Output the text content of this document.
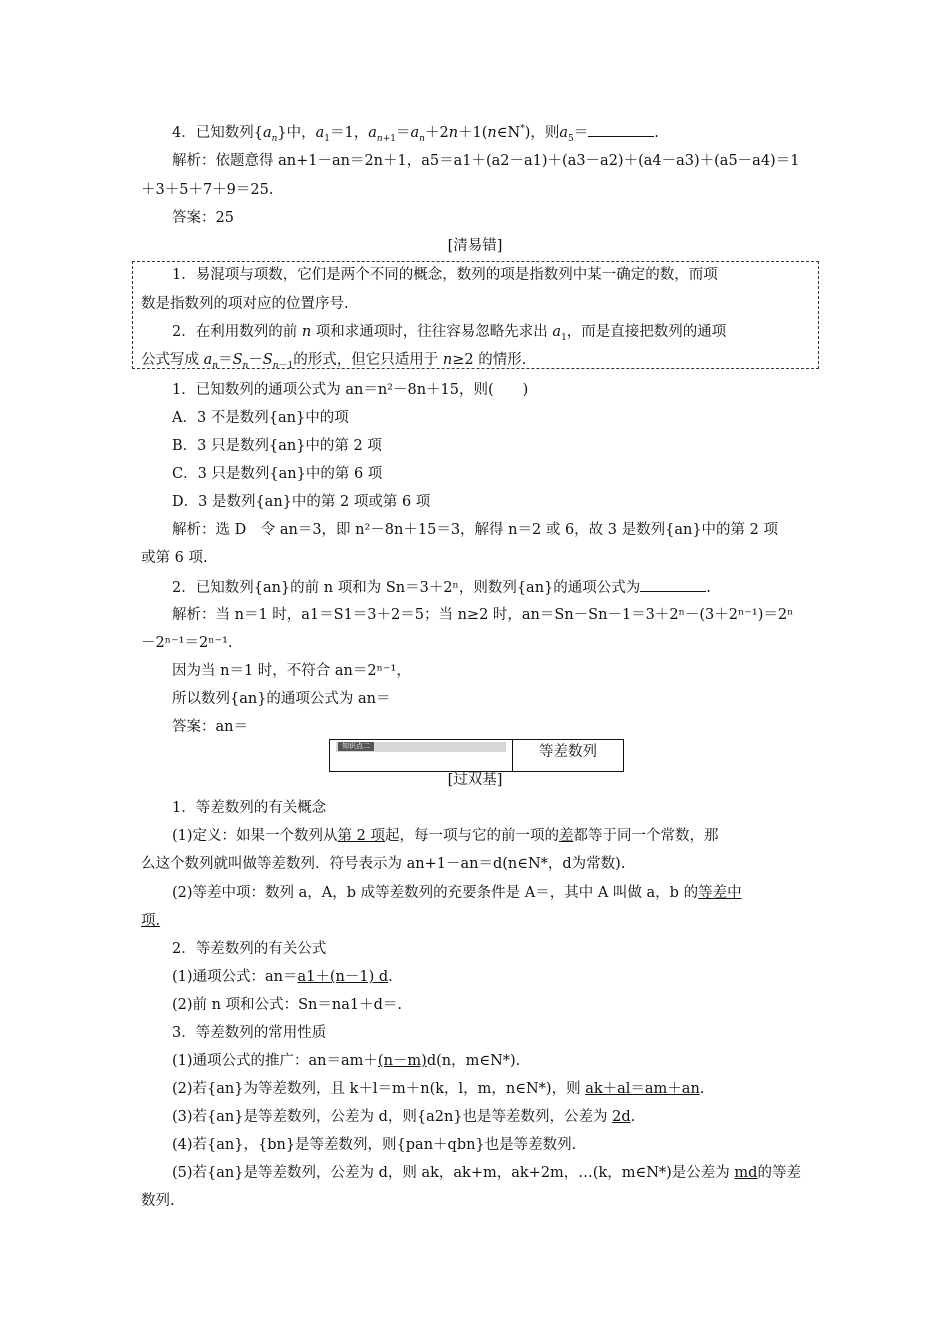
4．已知数列$\{a_n\}$中，$a_1=1$，$a_{n+1}=a_n+2n+1(n\in N^*)$，则$a_5=$	.
解析：依题意得 an+1－an＝2n＋1，a5＝a1＋(a2－a1)＋(a3－a2)＋(a4－a3)＋(a5－a4)＝1
＋3＋5＋7＋9＝25.
答案：25
[清易错]
1．易混项与项数，它们是两个不同的概念，数列的项是指数列中某一确定的数，而项
数是指数列的项对应的位置序号.
2．在利用数列的前 n 项和求通项时，往往容易忽略先求出 $a_1$，而是直接把数列的通项
公式写成 $a_n=S_n-S_{n-1}$的形式，但它只适用于 n≥2 的情形.
1．已知数列的通项公式为 an＝n²－8n＋15，则(　　)
A．3 不是数列{an}中的项
B．3 只是数列{an}中的第 2 项
C．3 只是数列{an}中的第 6 项
D．3 是数列{an}中的第 2 项或第 6 项
解析：选 D　令 an＝3，即 n²－8n＋15＝3，解得 n＝2 或 6，故 3 是数列{an}中的第 2 项
或第 6 项.
2．已知数列{an}的前 n 项和为 Sn＝3＋2ⁿ，则数列{an}的通项公式为	.
解析：当 n＝1 时，a1＝S1＝3＋2＝5；当 n≥2 时，an＝Sn－Sn－1＝3＋2ⁿ－(3＋2ⁿ⁻¹)＝2ⁿ
－2ⁿ⁻¹＝2ⁿ⁻¹.
因为当 n＝1 时，不符合 an＝2ⁿ⁻¹，
所以数列{an}的通项公式为 an＝
答案：an＝
知识点二	等差数列
[过双基]
1．等差数列的有关概念
(1)定义：如果一个数列从第 2 项起，每一项与它的前一项的差都等于同一个常数，那
么这个数列就叫做等差数列．符号表示为 an+1－an＝d(n∈N*，d为常数).
(2)等差中项：数列 a，A，b 成等差数列的充要条件是 A＝，其中 A 叫做 a，b 的等差中
项.
2．等差数列的有关公式
(1)通项公式：an＝a1＋(n－1) d.
(2)前 n 项和公式：Sn＝na1＋d＝.
3．等差数列的常用性质
(1)通项公式的推广：an＝am＋(n－m)d(n，m∈N*).
(2)若{an}为等差数列，且 k＋l＝m＋n(k，l，m，n∈N*)，则 ak＋al＝am＋an.
(3)若{an}是等差数列，公差为 d，则{a2n}也是等差数列，公差为 2d.
(4)若{an}，{bn}是等差数列，则{pan＋qbn}也是等差数列.
(5)若{an}是等差数列，公差为 d，则 ak，ak+m，ak+2m，…(k，m∈N*)是公差为 md的等差
数列.
